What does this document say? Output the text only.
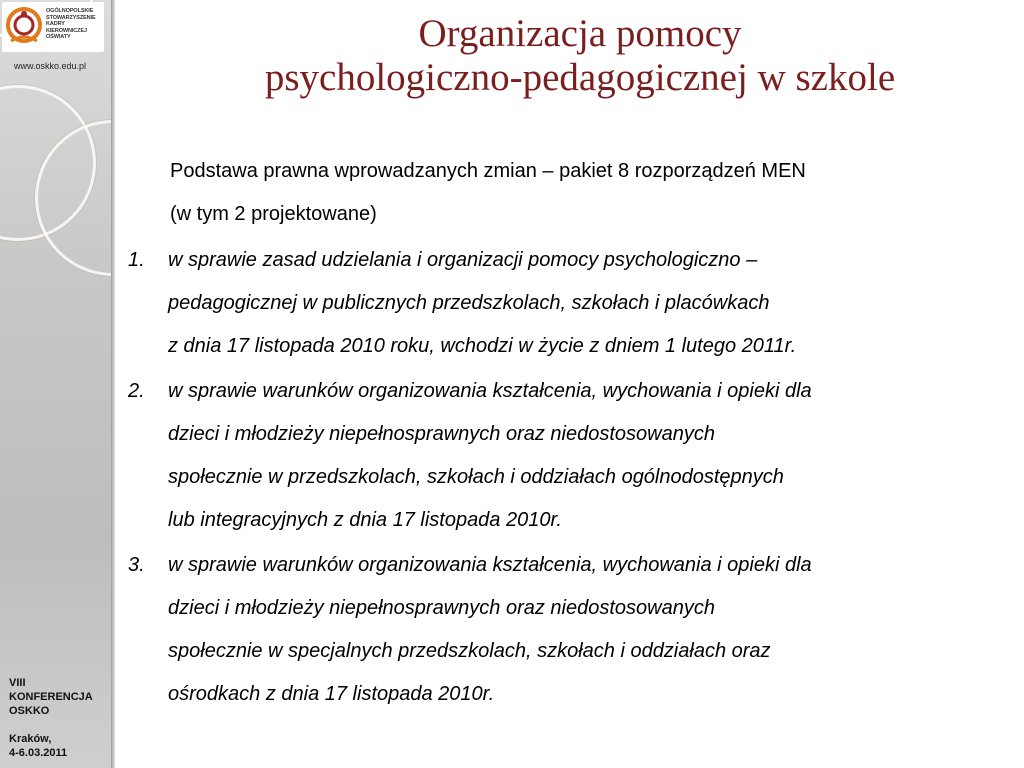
OGÓLNOPOLSKIE
STOWARZYSZENIE
KADRY
KIEROWNICZEJ
OŚWIATY
www.oskko.edu.pl
VIII
KONFERENCJA
OSKKO
Kraków,
4-6.03.2011
Organizacja pomocy
psychologiczno-pedagogicznej w szkole
Podstawa prawna wprowadzanych zmian – pakiet 8 rozporządzeń MEN
(w tym 2 projektowane)
1.	w sprawie zasad udzielania i organizacji pomocy psychologiczno –
pedagogicznej w publicznych przedszkolach, szkołach i placówkach
z dnia 17 listopada 2010 roku, wchodzi w życie z dniem 1 lutego 2011r.
2.	w sprawie warunków organizowania kształcenia, wychowania i opieki dla
dzieci i młodzieży niepełnosprawnych oraz niedostosowanych
społecznie w przedszkolach, szkołach i oddziałach ogólnodostępnych
lub integracyjnych z dnia 17 listopada 2010r.
3.	w sprawie warunków organizowania kształcenia, wychowania i opieki dla
dzieci i młodzieży niepełnosprawnych oraz niedostosowanych
społecznie w specjalnych przedszkolach, szkołach i oddziałach oraz
ośrodkach z dnia 17 listopada 2010r.
